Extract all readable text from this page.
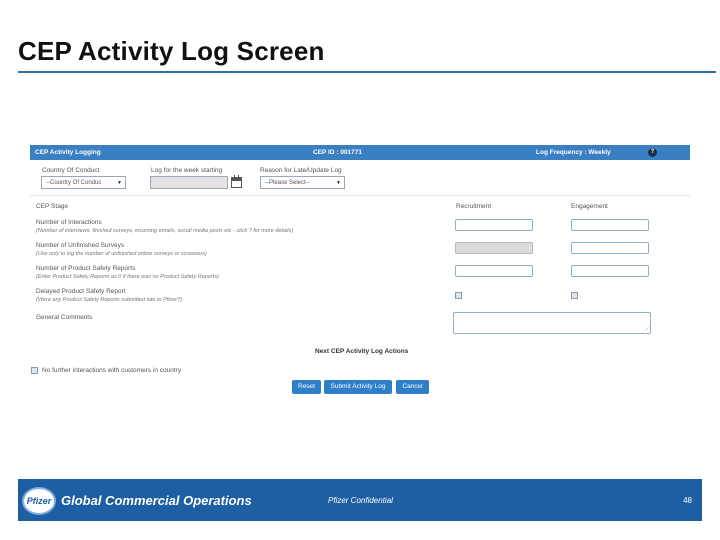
CEP Activity Log Screen
CEP Activity Logging	CEP ID : 001771	Log Frequency : Weekly	?
Country Of Conduct
--Country Of Conduc	▼
Log for the week starting	Reason for Late/Update Log
--Please Select--	▼
CEP Stage	Recruitment	Engagement
Number of Interactions
(Number of interviews, finished surveys, incoming emails, social media posts etc - click ? for more details)
Number of Unfinished Surveys
(Use only to log the number of unfinished online surveys or screeners)
Number of Product Safety Reports
(Enter Product Safety Reports as 0 if there was no Product Safety Reports)
Delayed Product Safety Report
(Were any Product Safety Reports submitted late to Pfizer?)
General Comments
⟋
Next CEP Activity Log Actions
No further interactions with customers in country
Reset	Submit Activity Log	Cancel
Pfizer Global Commercial Operations	Pfizer Confidential	48
